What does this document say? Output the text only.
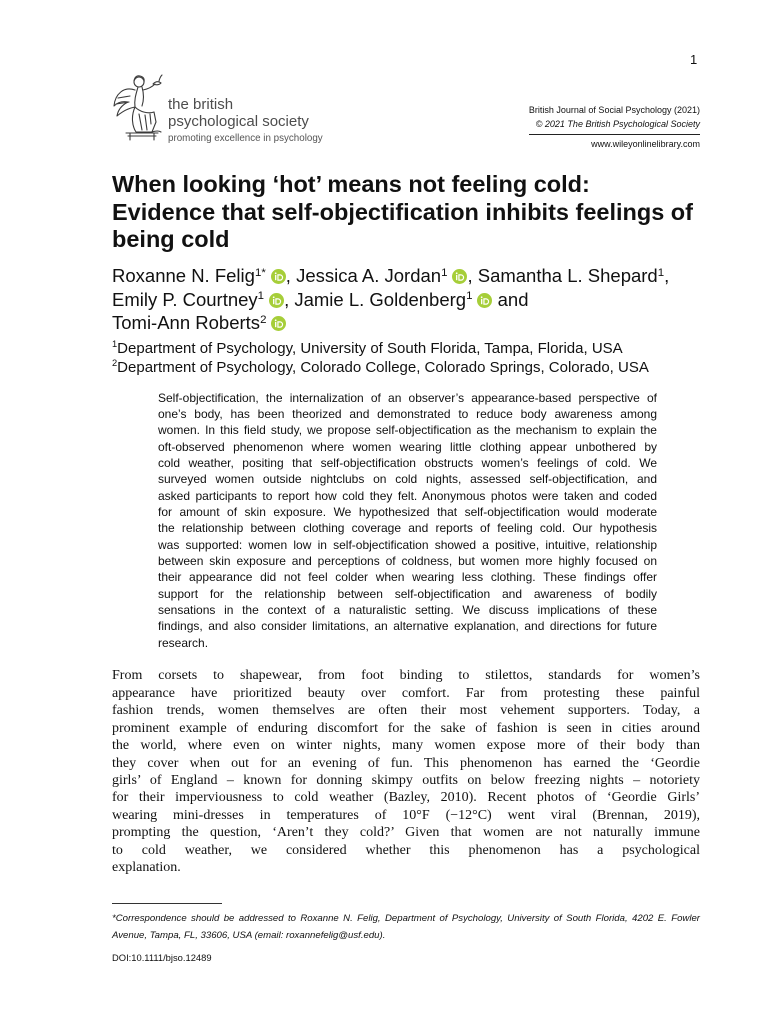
1
the british
psychological society
promoting excellence in psychology
British Journal of Social Psychology (2021)
© 2021 The British Psychological Society
www.wileyonlinelibrary.com
When looking ‘hot’ means not feeling cold:
Evidence that self-objectification inhibits feelings of
being cold
Roxanne N. Felig$^{1*}$ , Jessica A. Jordan$^1$ , Samantha L. Shepard$^1$,
Emily P. Courtney$^1$ , Jamie L. Goldenberg$^1$ and
Tomi-Ann Roberts$^2$
$^1$Department of Psychology, University of South Florida, Tampa, Florida, USA
$^2$Department of Psychology, Colorado College, Colorado Springs, Colorado, USA
Self-objectification, the internalization of an observer’s appearance-based perspective of
one’s body, has been theorized and demonstrated to reduce body awareness among
women. In this field study, we propose self-objectification as the mechanism to explain the
oft-observed phenomenon where women wearing little clothing appear unbothered by
cold weather, positing that self-objectification obstructs women’s feelings of cold. We
surveyed women outside nightclubs on cold nights, assessed self-objectification, and
asked participants to report how cold they felt. Anonymous photos were taken and coded
for amount of skin exposure. We hypothesized that self-objectification would moderate
the relationship between clothing coverage and reports of feeling cold. Our hypothesis
was supported: women low in self-objectification showed a positive, intuitive, relationship
between skin exposure and perceptions of coldness, but women more highly focused on
their appearance did not feel colder when wearing less clothing. These findings offer
support for the relationship between self-objectification and awareness of bodily
sensations in the context of a naturalistic setting. We discuss implications of these
findings, and also consider limitations, an alternative explanation, and directions for future
research.
From corsets to shapewear, from foot binding to stilettos, standards for women’s
appearance have prioritized beauty over comfort. Far from protesting these painful
fashion trends, women themselves are often their most vehement supporters. Today, a
prominent example of enduring discomfort for the sake of fashion is seen in cities around
the world, where even on winter nights, many women expose more of their body than
they cover when out for an evening of fun. This phenomenon has earned the ‘Geordie
girls’ of England – known for donning skimpy outfits on below freezing nights – notoriety
for their imperviousness to cold weather (Bazley, 2010). Recent photos of ‘Geordie Girls’
wearing mini-dresses in temperatures of 10°F (−12°C) went viral (Brennan, 2019),
prompting the question, ‘Aren’t they cold?’ Given that women are not naturally immune
to cold weather, we considered whether this phenomenon has a psychological
explanation.
*Correspondence should be addressed to Roxanne N. Felig, Department of Psychology, University of South Florida, 4202 E. Fowler
Avenue, Tampa, FL, 33606, USA (email: roxannefelig@usf.edu).
DOI:10.1111/bjso.12489
